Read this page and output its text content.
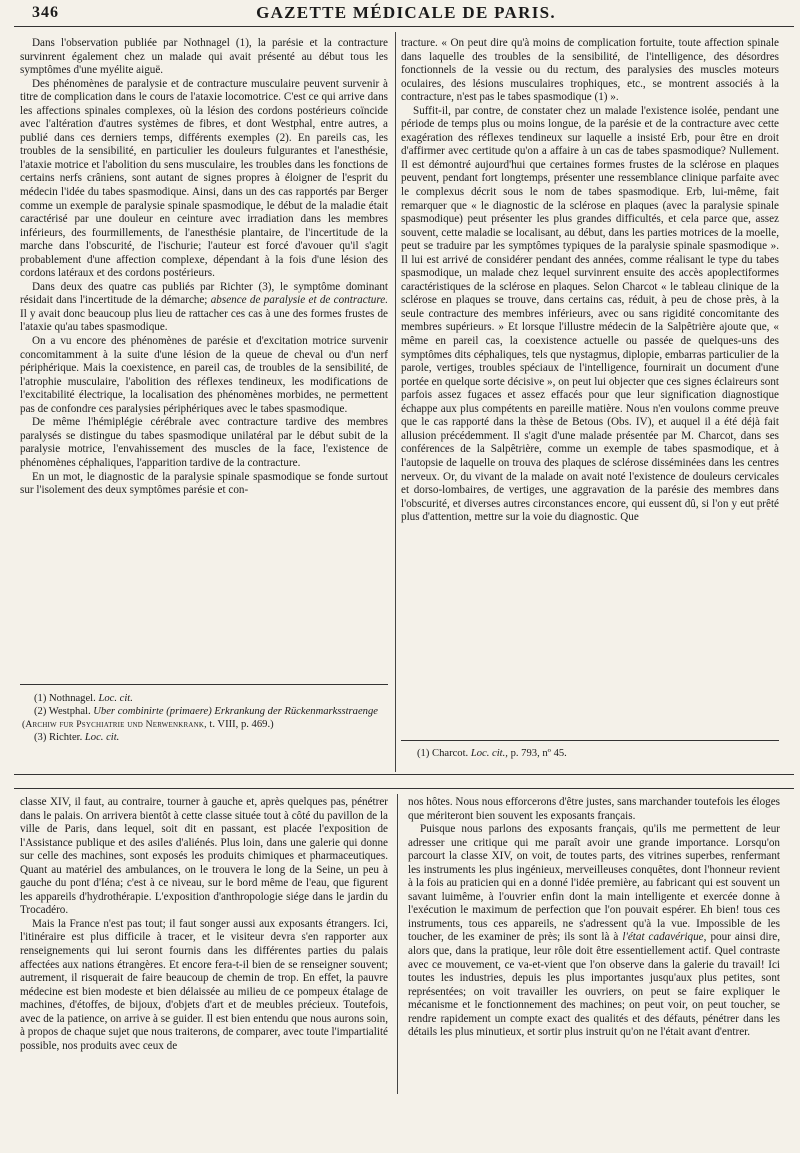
346	GAZETTE MÉDICALE DE PARIS.

Dans l'observation publiée par Nothnagel (1), la parésie et la contracture survinrent également chez un malade qui avait présenté au début tous les symptômes d'une myélite aiguë.

Des phénomènes de paralysie et de contracture musculaire peuvent survenir à titre de complication dans le cours de l'ataxie locomotrice. C'est ce qui arrive dans les affections spinales complexes, où la lésion des cordons postérieurs coïncide avec l'altération d'autres systèmes de fibres, et dont Westphal, entre autres, a publié dans ces derniers temps, différents exemples (2). En pareils cas, les troubles de la sensibilité, en particulier les douleurs fulgurantes et l'anesthésie, l'ataxie motrice et l'abolition du sens musculaire, les troubles dans les fonctions de certains nerfs crâniens, sont autant de signes propres à éloigner de l'esprit du médecin l'idée du tabes spasmodique. Ainsi, dans un des cas rapportés par Berger comme un exemple de paralysie spinale spasmodique, le début de la maladie était caractérisé par une douleur en ceinture avec irradiation dans les membres inférieurs, des fourmillements, de l'anesthésie plantaire, de l'incertitude de la marche dans l'obscurité, de l'ischurie; l'auteur est forcé d'avouer qu'il s'agit probablement d'une affection complexe, dépendant à la fois d'une lésion des cordons latéraux et des cordons postérieurs.

Dans deux des quatre cas publiés par Richter (3), le symptôme dominant résidait dans l'incertitude de la démarche; absence de paralysie et de contracture. Il y avait donc beaucoup plus lieu de rattacher ces cas à une des formes frustes de l'ataxie qu'au tabes spasmodique.

On a vu encore des phénomènes de parésie et d'excitation motrice survenir concomitamment à la suite d'une lésion de la queue de cheval ou d'un nerf périphérique. Mais la coexistence, en pareil cas, de troubles de la sensibilité, de l'atrophie musculaire, l'abolition des réflexes tendineux, les modifications de l'excitabilité électrique, la localisation des phénomènes morbides, ne permettent pas de confondre ces paralysies périphériques avec le tabes spasmodique.

De même l'hémiplégie cérébrale avec contracture tardive des membres paralysés se distingue du tabes spasmodique unilatéral par le début subit de la paralysie motrice, l'envahissement des muscles de la face, l'existence de phénomènes céphaliques, l'apparition tardive de la contracture.

En un mot, le diagnostic de la paralysie spinale spasmodique se fonde surtout sur l'isolement des deux symptômes parésie et con-

(1) Nothnagel. Loc. cit.

(2) Westphal. Uber combinirte (primaere) Erkrankung der Rückenmarksstraenge (Archiw fur Psychiatrie und Nerwenkrank, t. VIII, p. 469.)

(3) Richter. Loc. cit.

tracture. « On peut dire qu'à moins de complication fortuite, toute affection spinale dans laquelle des troubles de la sensibilité, de l'intelligence, des désordres fonctionnels de la vessie ou du rectum, des paralysies des muscles moteurs oculaires, des lésions musculaires trophiques, etc., se montrent associés à la contracture, n'est pas le tabes spasmodique (1) ».

Suffit-il, par contre, de constater chez un malade l'existence isolée, pendant une période de temps plus ou moins longue, de la parésie et de la contracture avec cette exagération des réflexes tendineux sur laquelle a insisté Erb, pour être en droit d'affirmer avec certitude qu'on a affaire à un cas de tabes spasmodique? Nullement. Il est démontré aujourd'hui que certaines formes frustes de la sclérose en plaques peuvent, pendant fort longtemps, présenter une ressemblance clinique parfaite avec le complexus décrit sous le nom de tabes spasmodique. Erb, lui-même, fait remarquer que « le diagnostic de la sclérose en plaques (avec la paralysie spinale spasmodique) peut présenter les plus grandes difficultés, et cela parce que, assez souvent, cette maladie se localisant, au début, dans les parties motrices de la moelle, peut se traduire par les symptômes typiques de la paralysie spinale spasmodique ». Il lui est arrivé de considérer pendant des années, comme réalisant le type du tabes spasmodique, un malade chez lequel survinrent ensuite des accès apoplectiformes caractéristiques de la sclérose en plaques. Selon Charcot « le tableau clinique de la sclérose en plaques se trouve, dans certains cas, réduit, à peu de chose près, à la seule contracture des membres inférieurs, avec ou sans rigidité concomitante des membres supérieurs. » Et lorsque l'illustre médecin de la Salpêtrière ajoute que, « même en pareil cas, la coexistence actuelle ou passée de quelques-uns des symptômes dits céphaliques, tels que nystagmus, diplopie, embarras particulier de la parole, vertiges, troubles spéciaux de l'intelligence, fournirait un document d'une portée en quelque sorte décisive », on peut lui objecter que ces signes éclaireurs sont parfois assez fugaces et assez effacés pour que leur signification diagnostique échappe aux plus compétents en pareille matière. Nous n'en voulons comme preuve que le cas rapporté dans la thèse de Betous (Obs. IV), et auquel il a été déjà fait allusion précédemment. Il s'agit d'une malade présentée par M. Charcot, dans ses conférences de la Salpêtrière, comme un exemple de tabes spasmodique, et à l'autopsie de laquelle on trouva des plaques de sclérose disséminées dans les centres nerveux. Or, du vivant de la malade on avait noté l'existence de douleurs cervicales et dorso-lombaires, de vertiges, une aggravation de la parésie des membres dans l'obscurité, et diverses autres circonstances encore, qui eussent dû, si l'on y eut prêté plus d'attention, mettre sur la voie du diagnostic. Que

(1) Charcot. Loc. cit., p. 793, nº 45.

classe XIV, il faut, au contraire, tourner à gauche et, après quelques pas, pénétrer dans le palais. On arrivera bientôt à cette classe située tout à côté du pavillon de la ville de Paris, dans lequel, soit dit en passant, est placée l'exposition de l'Assistance publique et des asiles d'aliénés. Plus loin, dans une galerie qui donne sur celle des machines, sont exposés les produits chimiques et pharmaceutiques. Quant au matériel des ambulances, on le trouvera le long de la Seine, un peu à gauche du pont d'Iéna; c'est à ce niveau, sur le bord même de l'eau, que figurent les appareils d'hydrothérapie. L'exposition d'anthropologie siége dans le jardin du Trocadéro.

Mais la France n'est pas tout; il faut songer aussi aux exposants étrangers. Ici, l'itinéraire est plus difficile à tracer, et le visiteur devra s'en rapporter aux renseignements qui lui seront fournis dans les différentes parties du palais affectées aux nations étrangères. Et encore fera-t-il bien de se renseigner souvent; autrement, il risquerait de faire beaucoup de chemin de trop. En effet, la pauvre médecine est bien modeste et bien délaissée au milieu de ce pompeux étalage de machines, d'étoffes, de bijoux, d'objets d'art et de meubles précieux. Toutefois, avec de la patience, on arrive à se guider. Il est bien entendu que nous aurons soin, à propos de chaque sujet que nous traiterons, de comparer, avec toute l'impartialité possible, nos produits avec ceux de

nos hôtes. Nous nous efforcerons d'être justes, sans marchander toutefois les éloges que mériteront bien souvent les exposants français.

Puisque nous parlons des exposants français, qu'ils me permettent de leur adresser une critique qui me paraît avoir une grande importance. Lorsqu'on parcourt la classe XIV, on voit, de toutes parts, des vitrines superbes, renfermant les instruments les plus ingénieux, merveilleuses conquêtes, dont l'honneur revient à la fois au praticien qui en a donné l'idée première, au fabricant qui est souvent un savant luimême, à l'ouvrier enfin dont la main intelligente et exercée donne à l'exécution le maximum de perfection que l'on pouvait espérer. Eh bien! tous ces instruments, tous ces appareils, ne s'adressent qu'à la vue. Impossible de les toucher, de les examiner de près; ils sont là à l'état cadavérique, pour ainsi dire, alors que, dans la pratique, leur rôle doit être essentiellement actif. Quel contraste avec ce mouvement, ce va-et-vient que l'on observe dans la galerie du travail! Ici toutes les industries, depuis les plus importantes jusqu'aux plus petites, sont représentées; on voit travailler les ouvriers, on peut se faire expliquer le mécanisme et le fonctionnement des machines; on peut voir, on peut toucher, se rendre rapidement un compte exact des qualités et des défauts, pénétrer dans les détails les plus minutieux, et sortir plus instruit qu'on ne l'était avant d'entrer.
